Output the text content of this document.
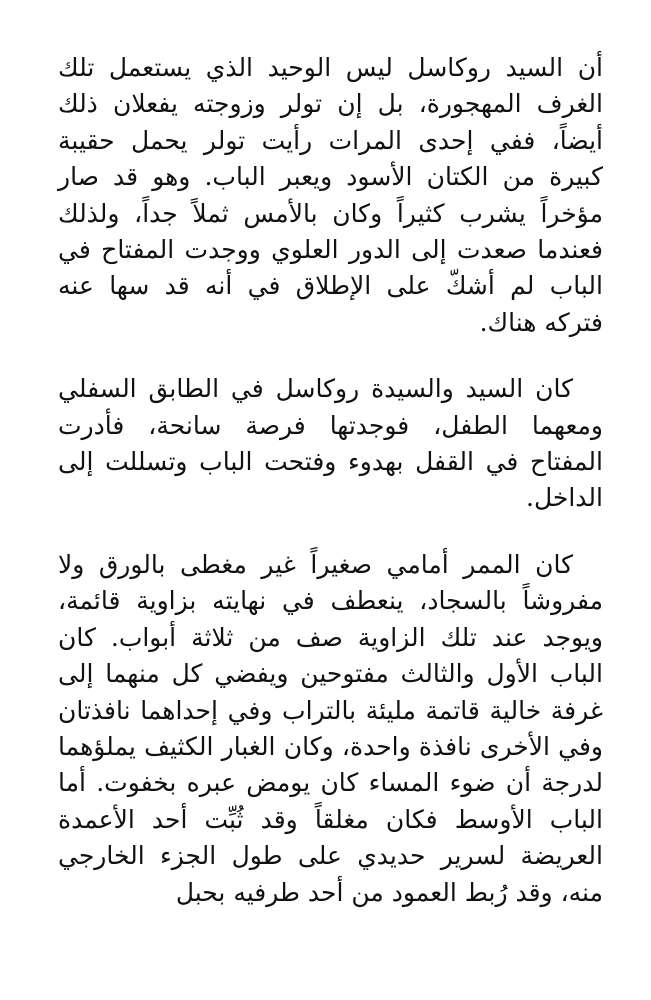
أن السيد روكاسل ليس الوحيد الذي يستعمل تلك الغرف المهجورة، بل إن تولر وزوجته يفعلان ذلك أيضاً، ففي إحدى المرات رأيت تولر يحمل حقيبة كبيرة من الكتان الأسود ويعبر الباب. وهو قد صار مؤخراً يشرب كثيراً وكان بالأمس ثملاً جداً، ولذلك فعندما صعدت إلى الدور العلوي ووجدت المفتاح في الباب لم أشكّ على الإطلاق في أنه قد سها عنه فتركه هناك.

كان السيد والسيدة روكاسل في الطابق السفلي ومعهما الطفل، فوجدتها فرصة سانحة، فأدرت المفتاح في القفل بهدوء وفتحت الباب وتسللت إلى الداخل.

كان الممر أمامي صغيراً غير مغطى بالورق ولا مفروشاً بالسجاد، ينعطف في نهايته بزاوية قائمة، ويوجد عند تلك الزاوية صف من ثلاثة أبواب. كان الباب الأول والثالث مفتوحين ويفضي كل منهما إلى غرفة خالية قاتمة مليئة بالتراب وفي إحداهما نافذتان وفي الأخرى نافذة واحدة، وكان الغبار الكثيف يملؤهما لدرجة أن ضوء المساء كان يومض عبره بخفوت. أما الباب الأوسط فكان مغلقاً وقد ثُبِّت أحد الأعمدة العريضة لسرير حديدي على طول الجزء الخارجي منه، وقد رُبط العمود من أحد طرفيه بحبل
